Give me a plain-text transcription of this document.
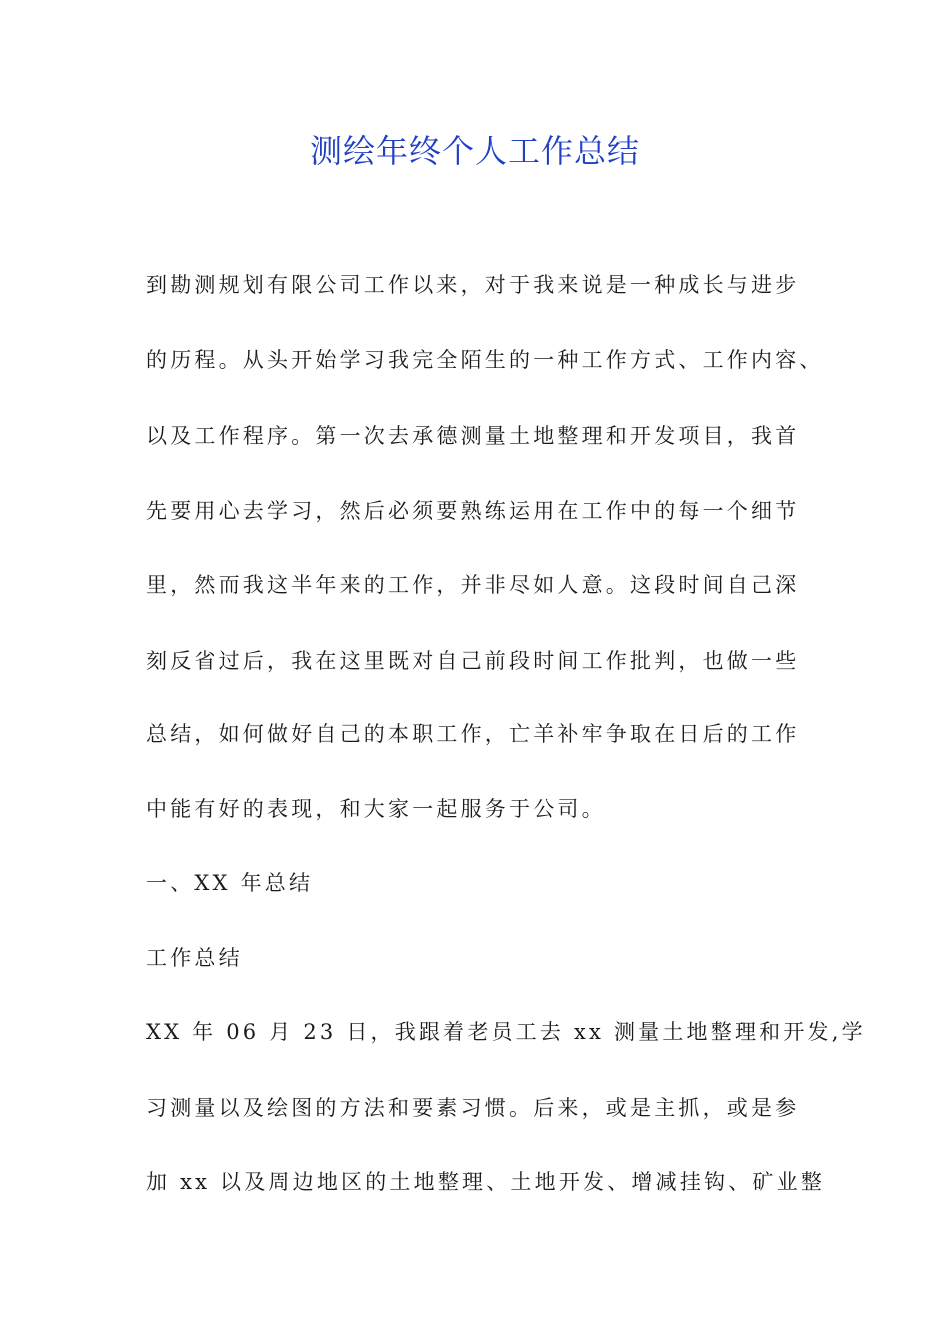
测绘年终个人工作总结

到勘测规划有限公司工作以来，对于我来说是一种成长与进步

的历程。从头开始学习我完全陌生的一种工作方式、工作内容、

以及工作程序。第一次去承德测量土地整理和开发项目，我首

先要用心去学习，然后必须要熟练运用在工作中的每一个细节

里，然而我这半年来的工作，并非尽如人意。这段时间自己深

刻反省过后，我在这里既对自己前段时间工作批判，也做一些

总结，如何做好自己的本职工作，亡羊补牢争取在日后的工作

中能有好的表现，和大家一起服务于公司。

一、XX 年总结

工作总结

XX 年 06 月 23 日，我跟着老员工去 xx 测量土地整理和开发,学

习测量以及绘图的方法和要素习惯。后来，或是主抓，或是参

加 xx 以及周边地区的土地整理、土地开发、增减挂钩、矿业整
